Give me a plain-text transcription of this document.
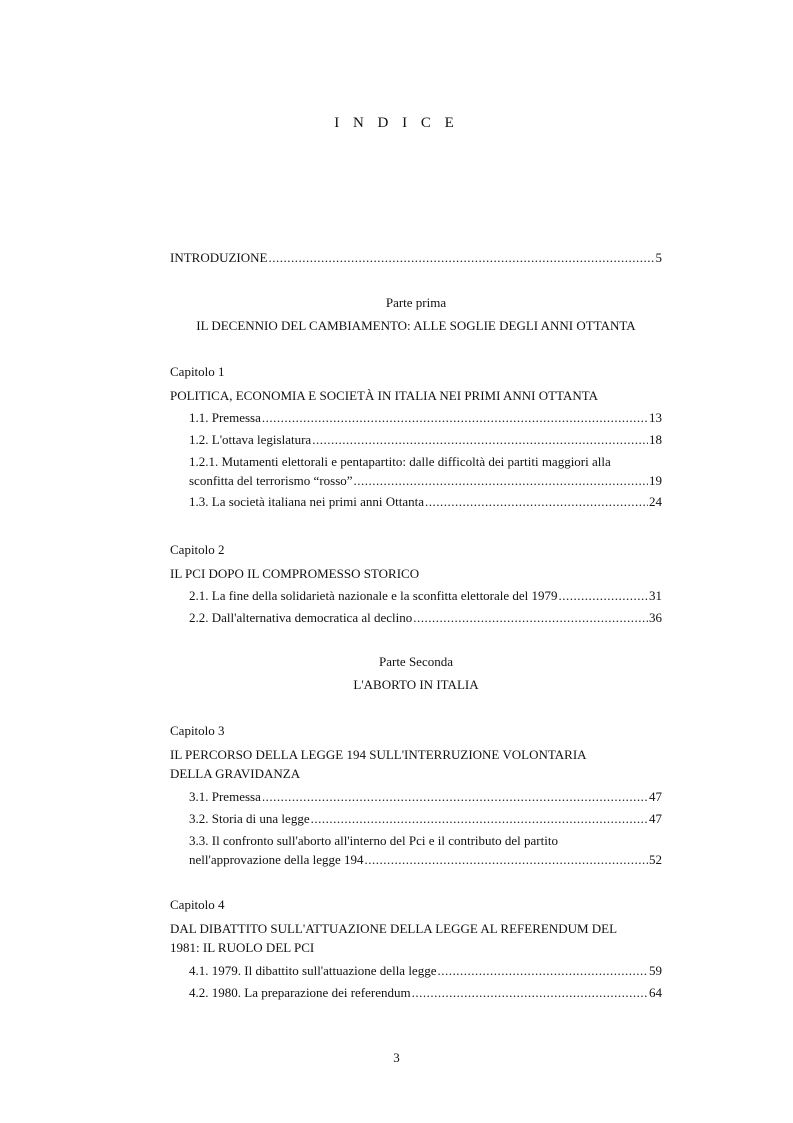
I N D I C E
INTRODUZIONE .....	5
Parte prima
IL DECENNIO DEL CAMBIAMENTO: ALLE SOGLIE DEGLI ANNI OTTANTA
Capitolo 1
POLITICA, ECONOMIA E SOCIETÀ IN ITALIA NEI PRIMI ANNI OTTANTA
1.1. Premessa .....	13
1.2. L'ottava legislatura .....	18
1.2.1. Mutamenti elettorali e pentapartito: dalle difficoltà dei partiti maggiori alla
sconfitta del terrorismo “rosso” .....	19
1.3. La società italiana nei primi anni Ottanta .....	24
Capitolo 2
IL PCI DOPO IL COMPROMESSO STORICO
2.1. La fine della solidarietà nazionale e la sconfitta elettorale del 1979 .....	31
2.2. Dall'alternativa democratica al declino .....	36
Parte Seconda
L'ABORTO IN ITALIA
Capitolo 3
IL PERCORSO DELLA LEGGE 194 SULL'INTERRUZIONE VOLONTARIA
DELLA GRAVIDANZA
3.1. Premessa .....	47
3.2. Storia di una legge .....	47
3.3. Il confronto sull'aborto all'interno del Pci e il contributo del partito
nell'approvazione della legge 194 .....	52
Capitolo 4
DAL DIBATTITO SULL'ATTUAZIONE DELLA LEGGE AL REFERENDUM DEL
1981: IL RUOLO DEL PCI
4.1. 1979. Il dibattito sull'attuazione della legge .....	59
4.2. 1980. La preparazione dei referendum .....	64
3
